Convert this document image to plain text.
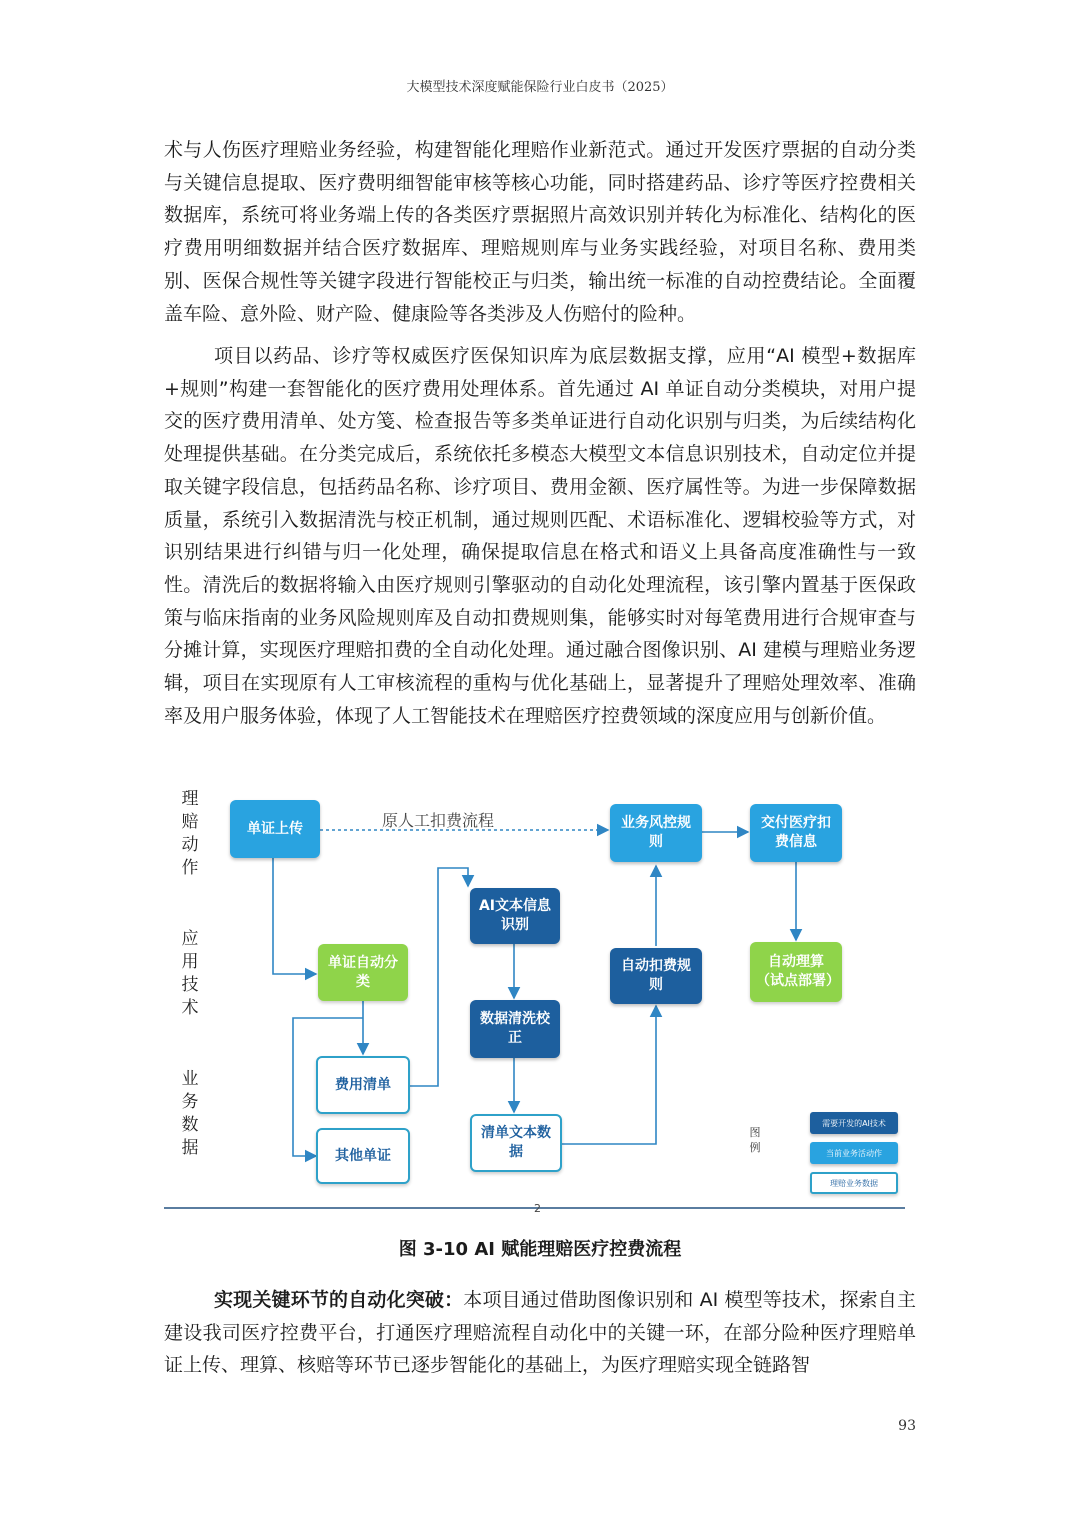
大模型技术深度赋能保险行业白皮书（2025）

术与人伤医疗理赔业务经验，构建智能化理赔作业新范式。通过开发医疗票据的自动分类与关键信息提取、医疗费明细智能审核等核心功能，同时搭建药品、诊疗等医疗控费相关数据库，系统可将业务端上传的各类医疗票据照片高效识别并转化为标准化、结构化的医疗费用明细数据并结合医疗数据库、理赔规则库与业务实践经验，对项目名称、费用类别、医保合规性等关键字段进行智能校正与归类，输出统一标准的自动控费结论。全面覆盖车险、意外险、财产险、健康险等各类涉及人伤赔付的险种。

项目以药品、诊疗等权威医疗医保知识库为底层数据支撑，应用“AI 模型+数据库+规则”构建一套智能化的医疗费用处理体系。首先通过 AI 单证自动分类模块，对用户提交的医疗费用清单、处方笺、检查报告等多类单证进行自动化识别与归类，为后续结构化处理提供基础。在分类完成后，系统依托多模态大模型文本信息识别技术，自动定位并提取关键字段信息，包括药品名称、诊疗项目、费用金额、医疗属性等。为进一步保障数据质量，系统引入数据清洗与校正机制，通过规则匹配、术语标准化、逻辑校验等方式，对识别结果进行纠错与归一化处理，确保提取信息在格式和语义上具备高度准确性与一致性。清洗后的数据将输入由医疗规则引擎驱动的自动化处理流程，该引擎内置基于医保政策与临床指南的业务风险规则库及自动扣费规则集，能够实时对每笔费用进行合规审查与分摊计算，实现医疗理赔扣费的全自动化处理。通过融合图像识别、AI 建模与理赔业务逻辑，项目在实现原有人工审核流程的重构与优化基础上，显著提升了理赔处理效率、准确率及用户服务体验，体现了人工智能技术在理赔医疗控费领域的深度应用与创新价值。

理赔动作
应用技术
业务数据
原人工扣费流程
单证上传	业务风控规则
交付医疗扣费信息
单证自动分类
AI文本信息识别
数据清洗校正
自动扣费规则
自动理算（试点部署）
费用清单
其他单证
清单文本数据
图例
需要开发的AI技术
当前业务活动作
理赔业务数据
2
图 3-10 AI 赋能理赔医疗控费流程

实现关键环节的自动化突破：本项目通过借助图像识别和 AI 模型等技术，探索自主建设我司医疗控费平台，打通医疗理赔流程自动化中的关键一环，在部分险种医疗理赔单证上传、理算、核赔等环节已逐步智能化的基础上，为医疗理赔实现全链路智

93
